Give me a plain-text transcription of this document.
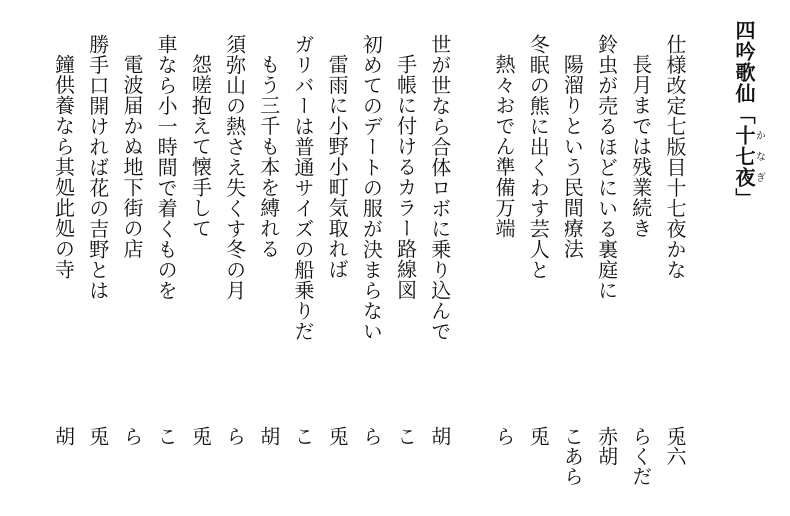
四吟歌仙「十七夜かなぎ」
仕様改定七版目十七夜かな
長月までは残業続き
鈴虫が売るほどにいる裏庭に
陽溜りという民間療法
冬眠の熊に出くわす芸人と
熱々おでん準備万端
世が世なら合体ロボに乗り込んで
手帳に付けるカラー路線図
初めてのデートの服が決まらない
雷雨に小野小町気取れば
ガリバーは普通サイズの船乗りだ
もう三千も本を縛れる
須弥山の熱さえ失くす冬の月
怨嗟抱えて懐手して
車なら小一時間で着くものを
電波届かぬ地下街の店
勝手口開ければ花の吉野とは
鐘供養なら其処此処の寺
兎六
らくだ
赤胡
こあら
兎
ら
胡
こ
ら
兎
こ
胡
ら
兎
こ
ら
兎
胡
